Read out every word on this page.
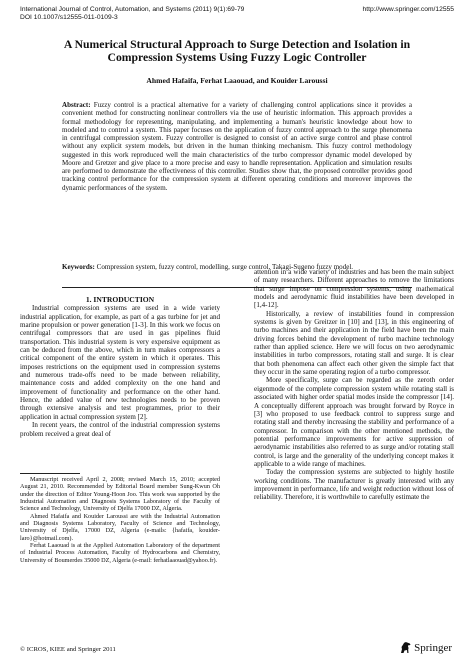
International Journal of Control, Automation, and Systems (2011) 9(1):69-79
DOI 10.1007/s12555-011-0109-3
http://www.springer.com/12555
A Numerical Structural Approach to Surge Detection and Isolation in
Compression Systems Using Fuzzy Logic Controller
Ahmed Hafaifa, Ferhat Laaouad, and Kouider Laroussi
Abstract: Fuzzy control is a practical alternative for a variety of challenging control applications since it provides a convenient method for constructing nonlinear controllers via the use of heuristic information. This approach provides a formal methodology for representing, manipulating, and implementing a human's heuristic knowledge about how to modeled and to control a system. This paper focuses on the application of fuzzy control approach to the surge phenomena in centrifugal compression system. Fuzzy controller is designed to consist of an active surge control and phase control without any explicit system models, but driven in the human thinking mechanism. This fuzzy control methodology suggested in this work reproduced well the main characteristics of the turbo compressor dynamic model developed by Moore and Gretzer and give place to a more precise and easy to handle representation. Application and simulation results are performed to demonstrate the effectiveness of this controller. Studies show that, the proposed controller provides good tracking control performance for the compression system at different operating conditions and moreover improves the dynamic performances of the system.
Keywords: Compression system, fuzzy control, modelling, surge control, Takagi-Sugeno fuzzy model.

1. INTRODUCTION

Industrial compression systems are used in a wide variety industrial application, for example, as part of a gas turbine for jet and marine propulsion or power generation [1-3]. In this work we focus on centrifugal compressors that are used in gas pipelines fluid transportation. This industrial system is very expensive equipment as can be deduced from the above, which in turn makes compressors a critical component of the entire system in which it operates. This imposes restrictions on the equipment used in compression systems and numerous trade-offs need to be made between reliability, maintenance costs and added complexity on the one hand and improvement of functionality and performance on the other hand. Hence, the added value of new technologies needs to be proven through extensive analysis and test programmes, prior to their application in actual compression system [2].

In recent years, the control of the industrial compression systems problem received a great deal of

Manuscript received April 2, 2008; revised March 15, 2010; accepted August 21, 2010. Recommended by Editorial Board member Sung-Kwun Oh under the direction of Editor Young-Hoon Joo. This work was supported by the Industrial Automation and Diagnosis Systems Laboratory of the Faculty of Science and Technology, University of Djelfa 17000 DZ, Algeria.

Ahmed Hafaifa and Kouider Laroussi are with the Industrial Automation and Diagnosis Systems Laboratory, Faculty of Science and Technology, University of Djelfa, 17000 DZ, Algeria (e-mails: {hafaifa, kouider-laro}@hotmail.com).

Ferhat Laaouad is at the Applied Automation Laboratory of the department of Industrial Process Automation, Faculty of Hydrocarbons and Chemistry, University of Boumerdes 35000 DZ, Algeria (e-mail: ferhatlaaouad@yahoo.fr).

attention in a wide variety of industries and has been the main subject of many researchers. Different approaches to remove the limitations that surge impose on compression systems, using mathematical models and aerodynamic fluid instabilities have been developed in [1,4-12].

Historically, a review of instabilities found in compression systems is given by Greitzer in [10] and [13], in this engineering of turbo machines and their application in the field have been the main driving forces behind the development of turbo machine technology rather than applied science. Here we will focus on two aerodynamic instabilities in turbo compressors, rotating stall and surge. It is clear that both phenomena can affect each other given the simple fact that they occur in the same operating region of a turbo compressor.

More specifically, surge can be regarded as the zeroth order eigenmode of the complete compression system while rotating stall is associated with higher order spatial modes inside the compressor [14]. A conceptually different approach was brought forward by Royce in [3] who proposed to use feedback control to suppress surge and rotating stall and thereby increasing the stability and performance of a compressor. In comparison with the other mentioned methods, the potential performance improvements for active suppression of aerodynamic instabilities also referred to as surge and/or rotating stall control, is large and the generality of the underlying concept makes it applicable to a wide range of machines.

Today the compression systems are subjected to highly hostile working conditions. The manufacturer is greatly interested with any improvement in performance, life and weight reduction without loss of reliability. Therefore, it is worthwhile to carefully estimate the

© ICROS, KIEE and Springer 2011	Springer
